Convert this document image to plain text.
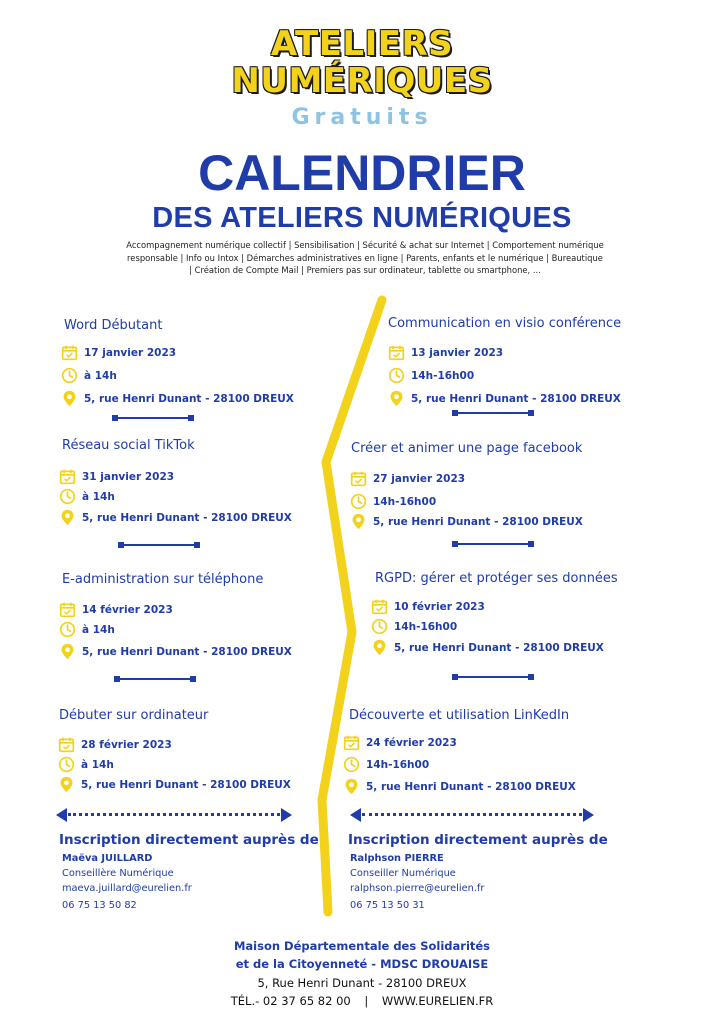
ATELIERS
NUMÉRIQUES
Gratuits
CALENDRIER
DES ATELIERS NUMÉRIQUES
Accompagnement numérique collectif | Sensibilisation | Sécurité & achat sur Internet | Comportement numérique
responsable | Info ou Intox | Démarches administratives en ligne | Parents, enfants et le numérique | Bureautique
| Création de Compte Mail | Premiers pas sur ordinateur, tablette ou smartphone, ...
Word Débutant
17 janvier 2023
à 14h
5, rue Henri Dunant - 28100 DREUX
Réseau social TikTok
31 janvier 2023
à 14h
5, rue Henri Dunant - 28100 DREUX
E-administration sur téléphone
14 février 2023
à 14h
5, rue Henri Dunant - 28100 DREUX
Débuter sur ordinateur
28 février 2023
à 14h
5, rue Henri Dunant - 28100 DREUX
Communication en visio conférence
13 janvier 2023
14h-16h00
5, rue Henri Dunant - 28100 DREUX
Créer et animer une page facebook
27 janvier 2023
14h-16h00
5, rue Henri Dunant - 28100 DREUX
RGPD: gérer et protéger ses données
10 février 2023
14h-16h00
5, rue Henri Dunant - 28100 DREUX
Découverte et utilisation LinKedIn
24 février 2023
14h-16h00
5, rue Henri Dunant - 28100 DREUX
Inscription directement auprès de
Maëva JUILLARD
Conseillère Numérique
maeva.juillard@eurelien.fr
06 75 13 50 82
Inscription directement auprès de
Ralphson PIERRE
Conseiller Numérique
ralphson.pierre@eurelien.fr
06 75 13 50 31
Maison Départementale des Solidarités
et de la Citoyenneté - MDSC DROUAISE
5, Rue Henri Dunant - 28100 DREUX
TÉL.- 02 37 65 82 00 | WWW.EURELIEN.FR
